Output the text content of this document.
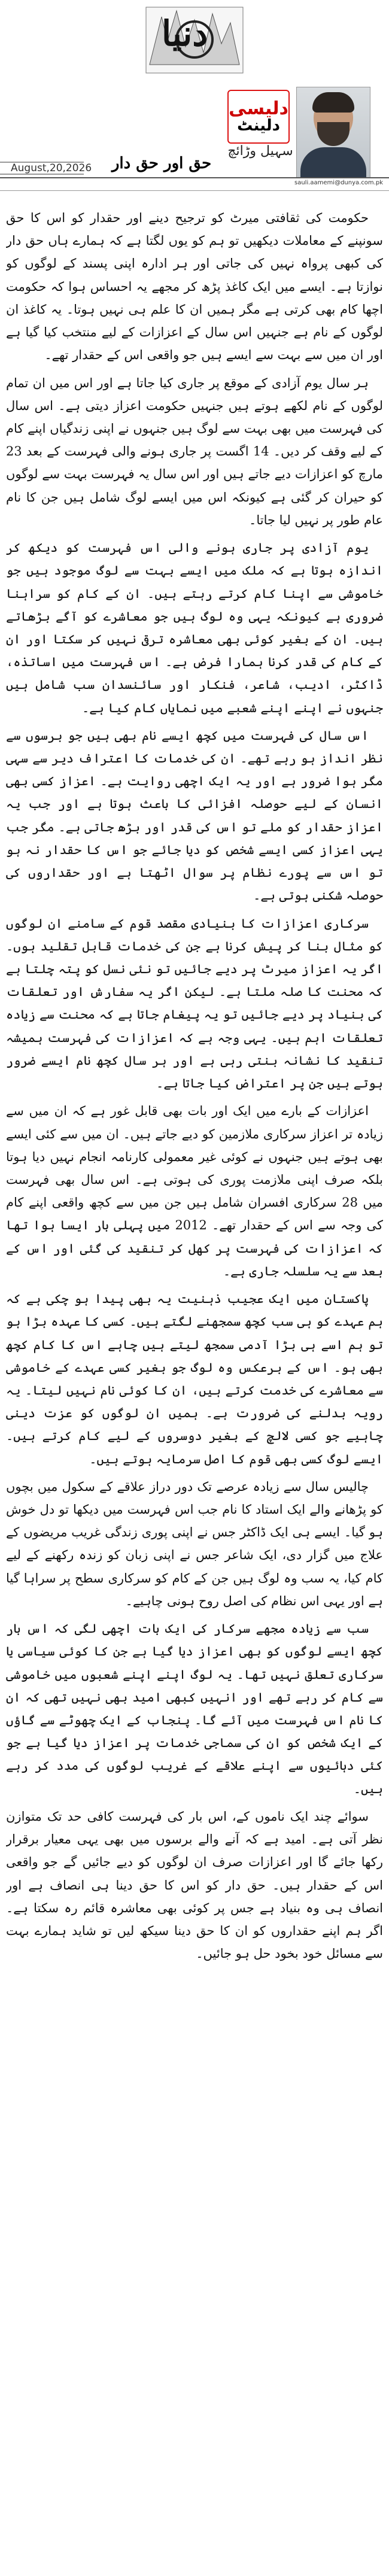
دنیا
دلیسی
دلینٹ
سہیل وڑائچ
August,20,2026	حق اور حق دار
sauli.aamemi@dunya.com.pk

حکومت کی ثقافتی میرٹ کو ترجیح دینے اور حقدار کو اس کا حق سونپنے کے معاملات دیکھیں تو ہم کو یوں لگتا ہے کہ ہمارے ہاں حق دار کی کبھی پرواہ نہیں کی جاتی اور ہر ادارہ اپنی پسند کے لوگوں کو نوازتا ہے۔ ایسے میں ایک کاغذ پڑھ کر مجھے یہ احساس ہوا کہ حکومت اچھا کام بھی کرتی ہے مگر ہمیں ان کا علم ہی نہیں ہوتا۔ یہ کاغذ ان لوگوں کے نام ہے جنہیں اس سال کے اعزازات کے لیے منتخب کیا گیا ہے اور ان میں سے بہت سے ایسے ہیں جو واقعی اس کے حقدار تھے۔

ہر سال یوم آزادی کے موقع پر جاری کیا جاتا ہے اور اس میں ان تمام لوگوں کے نام لکھے ہوتے ہیں جنہیں حکومت اعزاز دیتی ہے۔ اس سال کی فہرست میں بھی بہت سے لوگ ہیں جنہوں نے اپنی زندگیاں اپنے کام کے لیے وقف کر دیں۔ 14 اگست پر جاری ہونے والی فہرست کے بعد 23 مارچ کو اعزازات دیے جاتے ہیں اور اس سال یہ فہرست بہت سے لوگوں کو حیران کر گئی ہے کیونکہ اس میں ایسے لوگ شامل ہیں جن کا نام عام طور پر نہیں لیا جاتا۔

یوم آزادی پر جاری ہونے والی اس فہرست کو دیکھ کر اندازہ ہوتا ہے کہ ملک میں ایسے بہت سے لوگ موجود ہیں جو خاموشی سے اپنا کام کرتے رہتے ہیں۔ ان کے کام کو سراہنا ضروری ہے کیونکہ یہی وہ لوگ ہیں جو معاشرے کو آگے بڑھاتے ہیں۔ ان کے بغیر کوئی بھی معاشرہ ترقی نہیں کر سکتا اور ان کے کام کی قدر کرنا ہمارا فرض ہے۔ اس فہرست میں اساتذہ، ڈاکٹر، ادیب، شاعر، فنکار اور سائنسدان سب شامل ہیں جنہوں نے اپنے اپنے شعبے میں نمایاں کام کیا ہے۔

اس سال کی فہرست میں کچھ ایسے نام بھی ہیں جو برسوں سے نظر انداز ہو رہے تھے۔ ان کی خدمات کا اعتراف دیر سے سہی مگر ہوا ضرور ہے اور یہ ایک اچھی روایت ہے۔ اعزاز کسی بھی انسان کے لیے حوصلہ افزائی کا باعث ہوتا ہے اور جب یہ اعزاز حقدار کو ملے تو اس کی قدر اور بڑھ جاتی ہے۔ مگر جب یہی اعزاز کسی ایسے شخص کو دیا جائے جو اس کا حقدار نہ ہو تو اس سے پورے نظام پر سوال اٹھتا ہے اور حقداروں کی حوصلہ شکنی ہوتی ہے۔

سرکاری اعزازات کا بنیادی مقصد قوم کے سامنے ان لوگوں کو مثال بنا کر پیش کرنا ہے جن کی خدمات قابل تقلید ہوں۔ اگر یہ اعزاز میرٹ پر دیے جائیں تو نئی نسل کو پتہ چلتا ہے کہ محنت کا صلہ ملتا ہے۔ لیکن اگر یہ سفارش اور تعلقات کی بنیاد پر دیے جائیں تو یہ پیغام جاتا ہے کہ محنت سے زیادہ تعلقات اہم ہیں۔ یہی وجہ ہے کہ اعزازات کی فہرست ہمیشہ تنقید کا نشانہ بنتی رہی ہے اور ہر سال کچھ نام ایسے ضرور ہوتے ہیں جن پر اعتراض کیا جاتا ہے۔

اعزازات کے بارے میں ایک اور بات بھی قابل غور ہے کہ ان میں سے زیادہ تر اعزاز سرکاری ملازمین کو دیے جاتے ہیں۔ ان میں سے کئی ایسے بھی ہوتے ہیں جنہوں نے کوئی غیر معمولی کارنامہ انجام نہیں دیا ہوتا بلکہ صرف اپنی ملازمت پوری کی ہوتی ہے۔ اس سال بھی فہرست میں 28 سرکاری افسران شامل ہیں جن میں سے کچھ واقعی اپنے کام کی وجہ سے اس کے حقدار تھے۔ 2012 میں پہلی بار ایسا ہوا تھا کہ اعزازات کی فہرست پر کھل کر تنقید کی گئی اور اس کے بعد سے یہ سلسلہ جاری ہے۔

پاکستان میں ایک عجیب ذہنیت یہ بھی پیدا ہو چکی ہے کہ ہم عہدے کو ہی سب کچھ سمجھنے لگتے ہیں۔ کسی کا عہدہ بڑا ہو تو ہم اسے ہی بڑا آدمی سمجھ لیتے ہیں چاہے اس کا کام کچھ بھی ہو۔ اس کے برعکس وہ لوگ جو بغیر کسی عہدے کے خاموشی سے معاشرے کی خدمت کرتے ہیں، ان کا کوئی نام نہیں لیتا۔ یہ رویہ بدلنے کی ضرورت ہے۔ ہمیں ان لوگوں کو عزت دینی چاہیے جو کسی لالچ کے بغیر دوسروں کے لیے کام کرتے ہیں۔ ایسے لوگ کسی بھی قوم کا اصل سرمایہ ہوتے ہیں۔

چالیس سال سے زیادہ عرصے تک دور دراز علاقے کے سکول میں بچوں کو پڑھانے والے ایک استاد کا نام جب اس فہرست میں دیکھا تو دل خوش ہو گیا۔ ایسے ہی ایک ڈاکٹر جس نے اپنی پوری زندگی غریب مریضوں کے علاج میں گزار دی، ایک شاعر جس نے اپنی زبان کو زندہ رکھنے کے لیے کام کیا، یہ سب وہ لوگ ہیں جن کے کام کو سرکاری سطح پر سراہا گیا ہے اور یہی اس نظام کی اصل روح ہونی چاہیے۔

سب سے زیادہ مجھے سرکار کی ایک بات اچھی لگی کہ اس بار کچھ ایسے لوگوں کو بھی اعزاز دیا گیا ہے جن کا کوئی سیاسی یا سرکاری تعلق نہیں تھا۔ یہ لوگ اپنے اپنے شعبوں میں خاموشی سے کام کر رہے تھے اور انہیں کبھی امید بھی نہیں تھی کہ ان کا نام اس فہرست میں آئے گا۔ پنجاب کے ایک چھوٹے سے گاؤں کے ایک شخص کو ان کی سماجی خدمات پر اعزاز دیا گیا ہے جو کئی دہائیوں سے اپنے علاقے کے غریب لوگوں کی مدد کر رہے ہیں۔

سوائے چند ایک ناموں کے، اس بار کی فہرست کافی حد تک متوازن نظر آتی ہے۔ امید ہے کہ آنے والے برسوں میں بھی یہی معیار برقرار رکھا جائے گا اور اعزازات صرف ان لوگوں کو دیے جائیں گے جو واقعی اس کے حقدار ہیں۔ حق دار کو اس کا حق دینا ہی انصاف ہے اور انصاف ہی وہ بنیاد ہے جس پر کوئی بھی معاشرہ قائم رہ سکتا ہے۔ اگر ہم اپنے حقداروں کو ان کا حق دینا سیکھ لیں تو شاید ہمارے بہت سے مسائل خود بخود حل ہو جائیں۔
